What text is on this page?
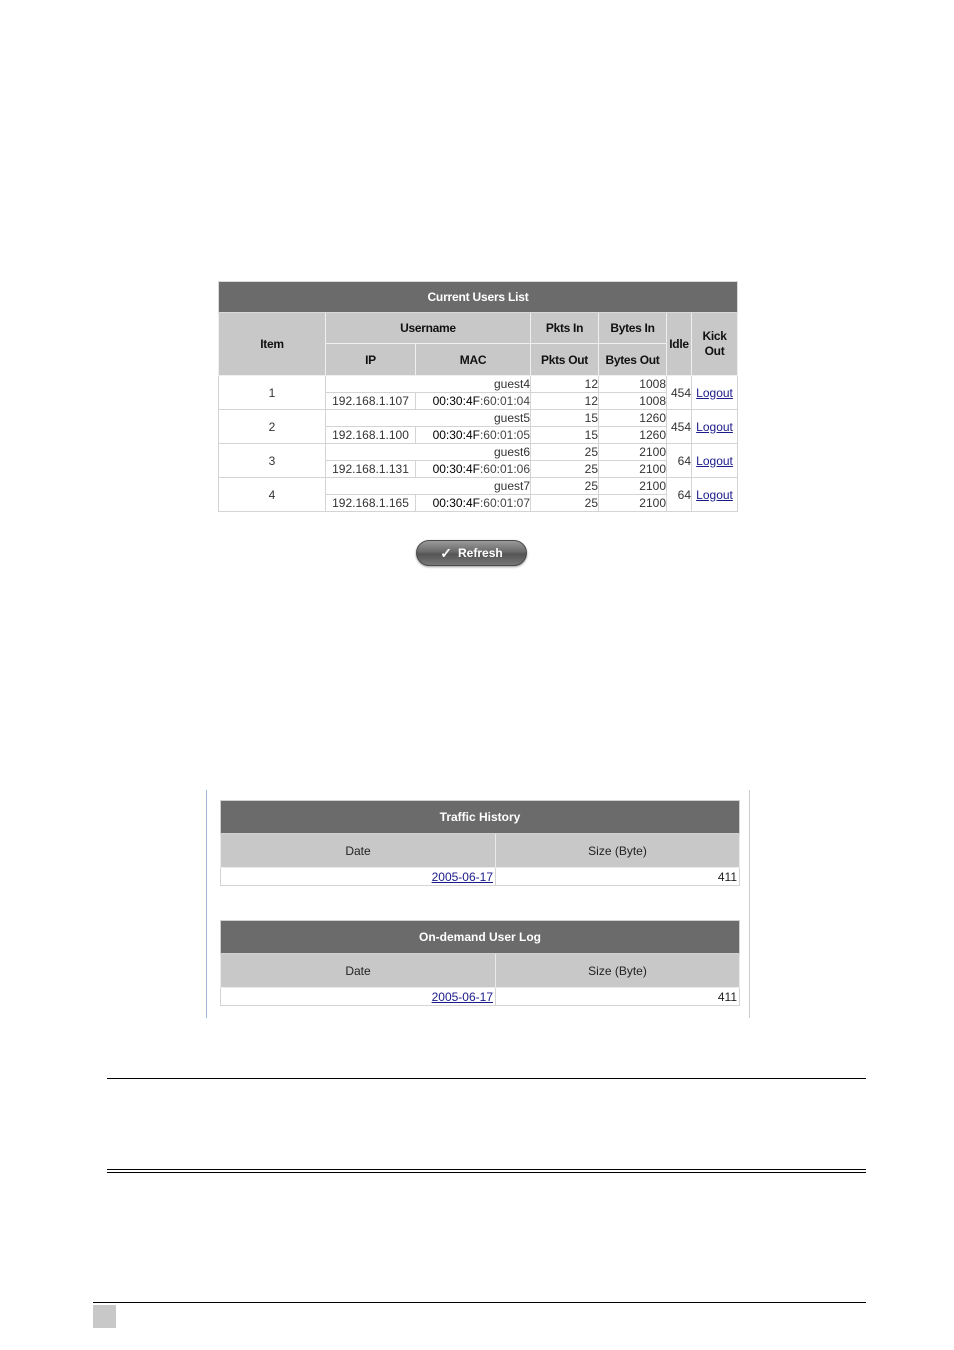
Current Users List						
Item	Username		Pkts In	Bytes In	Idle	Kick Out
	IP	MAC	Pkts Out	Bytes Out		
1	guest4		12	1008	454	Logout
	192.168.1.107	00:30:4F:60:01:04	12	1008		
2	guest5		15	1260	454	Logout
	192.168.1.100	00:30:4F:60:01:05	15	1260		
3	guest6		25	2100	64	Logout
	192.168.1.131	00:30:4F:60:01:06	25	2100		
4	guest7		25	2100	64	Logout
	192.168.1.165	00:30:4F:60:01:07	25	2100		
✓ Refresh
Traffic History	
Date	Size (Byte)
2005-06-17	411
On-demand User Log	
Date	Size (Byte)
2005-06-17	411
